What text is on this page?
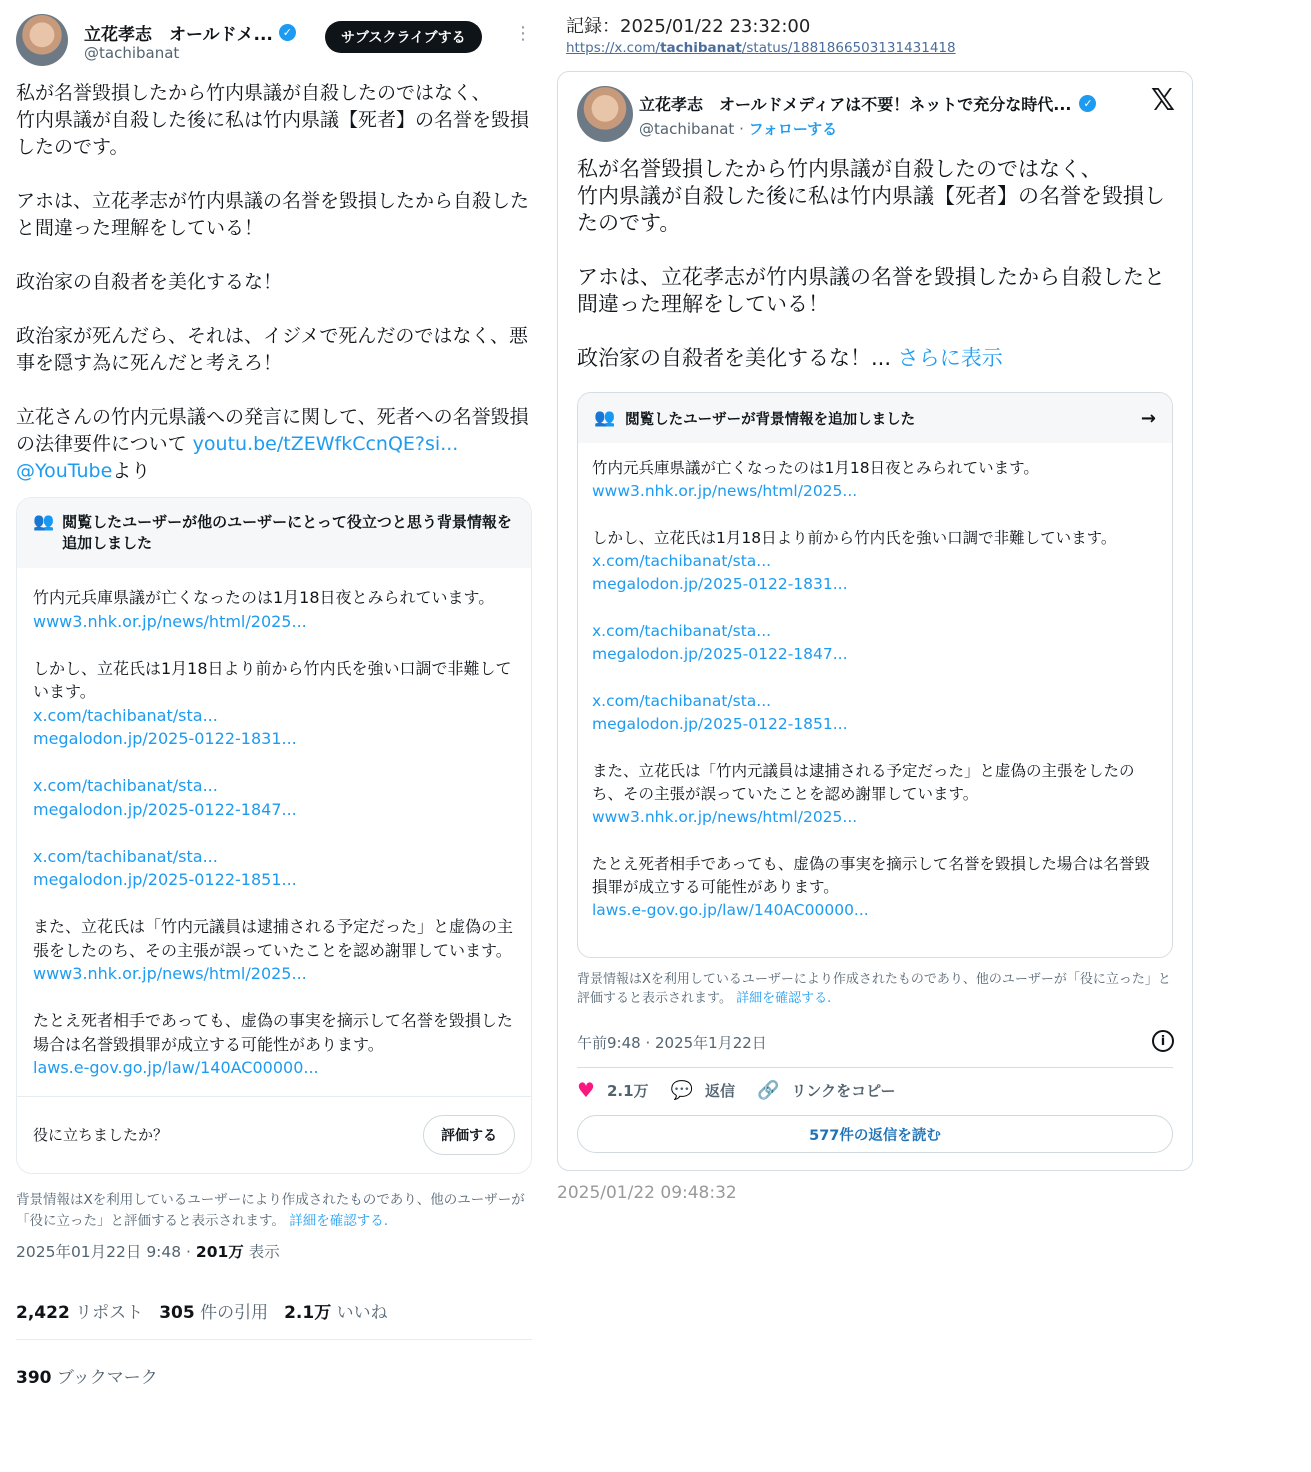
立花孝志　オールドメ... ✓
@tachibanat
サブスクライブする	⋮

私が名誉毀損したから竹内県議が自殺したのではなく、
竹内県議が自殺した後に私は竹内県議【死者】の名誉を毀損したのです。

アホは、立花孝志が竹内県議の名誉を毀損したから自殺したと間違った理解をしている！

政治家の自殺者を美化するな！

政治家が死んだら、それは、イジメで死んだのではなく、悪事を隠す為に死んだと考えろ！

立花さんの竹内元県議への発言に関して、死者への名誉毀損の法律要件について youtu.be/tZEWfkCcnQE?si... @YouTubeより

👥 閲覧したユーザーが他のユーザーにとって役立つと思う背景情報を追加しました
竹内元兵庫県議が亡くなったのは1月18日夜とみられています。
www3.nhk.or.jp/news/html/2025...
しかし、立花氏は1月18日より前から竹内氏を強い口調で非難しています。
x.com/tachibanat/sta...
megalodon.jp/2025-0122-1831...
x.com/tachibanat/sta...
megalodon.jp/2025-0122-1847...
x.com/tachibanat/sta...
megalodon.jp/2025-0122-1851...
また、立花氏は「竹内元議員は逮捕される予定だった」と虚偽の主張をしたのち、その主張が誤っていたことを認め謝罪しています。
www3.nhk.or.jp/news/html/2025...
たとえ死者相手であっても、虚偽の事実を摘示して名誉を毀損した場合は名誉毀損罪が成立する可能性があります。
laws.e-gov.go.jp/law/140AC00000...
役に立ちましたか？	評価する
背景情報はXを利用しているユーザーにより作成されたものであり、他のユーザーが「役に立った」と評価すると表示されます。 詳細を確認する.
2025年01月22日 9:48 · 201万 表示
2,422 リポスト 305 件の引用 2.1万 いいね
390 ブックマーク
記録：2025/01/22 23:32:00
https://x.com/tachibanat/status/1881866503131431418
立花孝志　オールドメディアは不要！ネットで充分な時代...	✓
@tachibanat · フォローする
𝕏

私が名誉毀損したから竹内県議が自殺したのではなく、
竹内県議が自殺した後に私は竹内県議【死者】の名誉を毀損したのです。

アホは、立花孝志が竹内県議の名誉を毀損したから自殺したと間違った理解をしている！

政治家の自殺者を美化するな！... さらに表示

👥 閲覧したユーザーが背景情報を追加しました	→
竹内元兵庫県議が亡くなったのは1月18日夜とみられています。
www3.nhk.or.jp/news/html/2025...
しかし、立花氏は1月18日より前から竹内氏を強い口調で非難しています。
x.com/tachibanat/sta...
megalodon.jp/2025-0122-1831...
x.com/tachibanat/sta...
megalodon.jp/2025-0122-1847...
x.com/tachibanat/sta...
megalodon.jp/2025-0122-1851...
また、立花氏は「竹内元議員は逮捕される予定だった」と虚偽の主張をしたのち、その主張が誤っていたことを認め謝罪しています。
www3.nhk.or.jp/news/html/2025...
たとえ死者相手であっても、虚偽の事実を摘示して名誉を毀損した場合は名誉毀損罪が成立する可能性があります。
laws.e-gov.go.jp/law/140AC00000...
背景情報はXを利用しているユーザーにより作成されたものであり、他のユーザーが「役に立った」と評価すると表示されます。 詳細を確認する.
午前9:48 · 2025年1月22日	i
♥ 2.1万 💬 返信 🔗 リンクをコピー
577件の返信を読む
2025/01/22 09:48:32
